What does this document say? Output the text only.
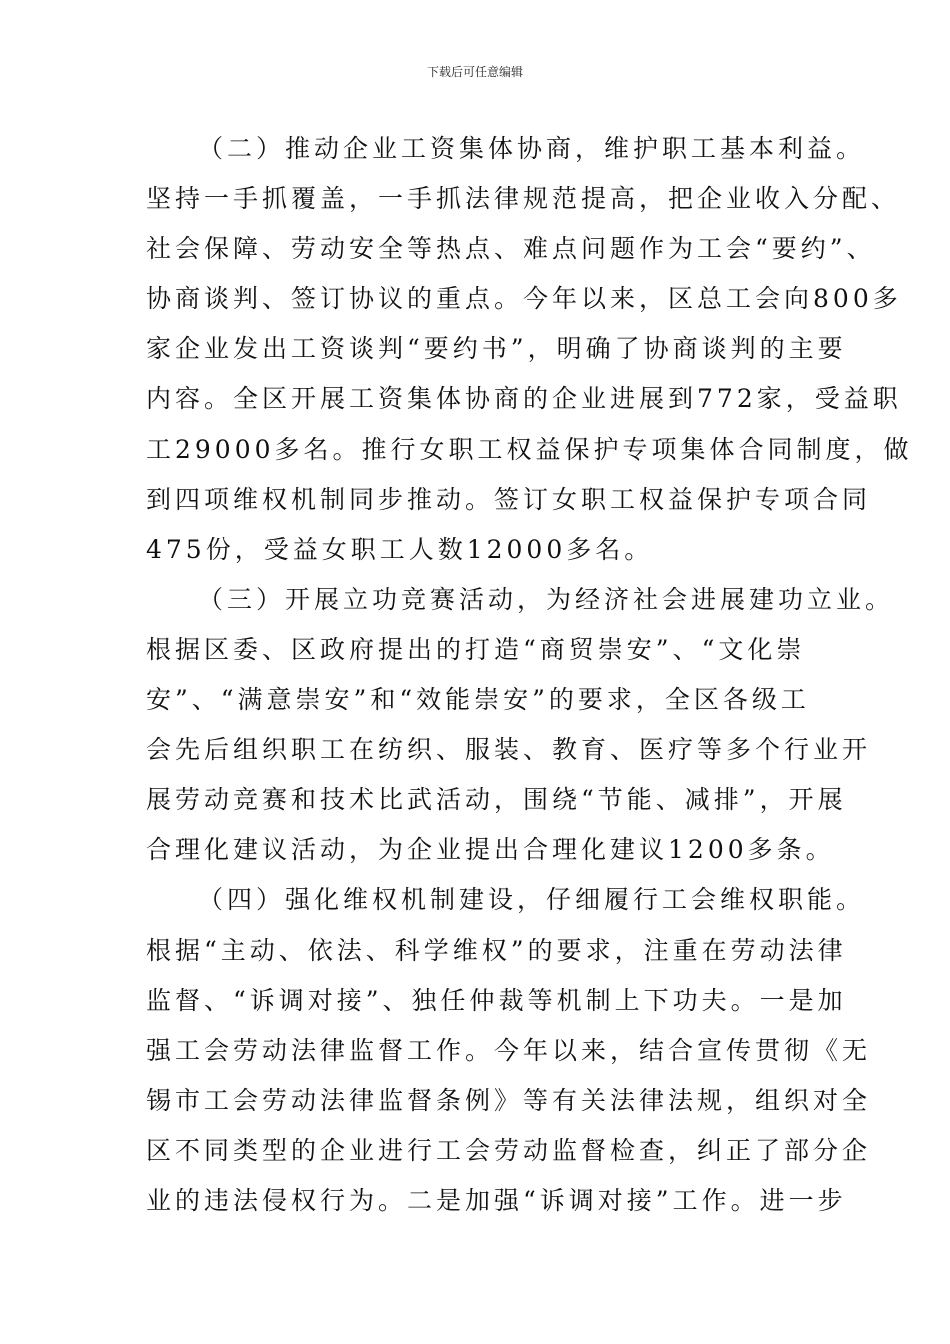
下载后可任意编辑
（二）推动企业工资集体协商，维护职工基本利益。
坚持一手抓覆盖，一手抓法律规范提高，把企业收入分配、
社会保障、劳动安全等热点、难点问题作为工会“要约”、
协商谈判、签订协议的重点。今年以来，区总工会向800多
家企业发出工资谈判“要约书”，明确了协商谈判的主要
内容。全区开展工资集体协商的企业进展到772家，受益职
工29000多名。推行女职工权益保护专项集体合同制度，做
到四项维权机制同步推动。签订女职工权益保护专项合同
475份，受益女职工人数12000多名。
（三）开展立功竞赛活动，为经济社会进展建功立业。
根据区委、区政府提出的打造“商贸崇安”、“文化崇
安”、“满意崇安”和“效能崇安”的要求，全区各级工
会先后组织职工在纺织、服装、教育、医疗等多个行业开
展劳动竞赛和技术比武活动，围绕“节能、减排”，开展
合理化建议活动，为企业提出合理化建议1200多条。
（四）强化维权机制建设，仔细履行工会维权职能。
根据“主动、依法、科学维权”的要求，注重在劳动法律
监督、“诉调对接”、独任仲裁等机制上下功夫。一是加
强工会劳动法律监督工作。今年以来，结合宣传贯彻《无
锡市工会劳动法律监督条例》等有关法律法规，组织对全
区不同类型的企业进行工会劳动监督检查，纠正了部分企
业的违法侵权行为。二是加强“诉调对接”工作。进一步
